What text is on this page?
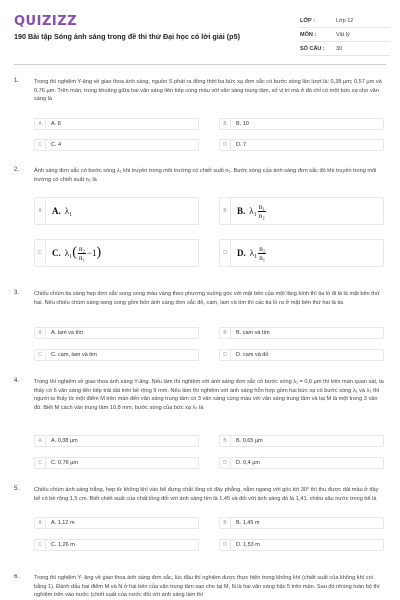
QUIZIZZ
190 Bài tập Sóng ánh sáng trong đề thi thử Đại học có lời giải (p5)
LỚP :	Lớp 12
MÔN :	Vật lý
SỐ CÂU :	30
1.	Trong thí nghiệm Y-âng về giao thoa ánh sáng, nguồn S phát ra đồng thời ba bức xạ đơn sắc có bước sóng lần lượt là: 0,38 µm; 0,57 µm và 0,76 µm. Trên màn, trong khoảng giữa hai vân sáng liên tiếp cùng màu với vân sáng trung tâm, số vị trí mà ở đó chỉ có một bức xạ cho vân sáng là
A	A. 8	B	B. 10
C	C. 4	D	D. 7
2.	Ánh sáng đơn sắc có bước sóng λ₁ khi truyền trong môi trường có chiết suất n₁. Bước sóng của ánh sáng đơn sắc đó khi truyền trong môi trường có chiết suất n₂ là
A	A. λ₁	B	B. $\lambda_1 \frac{\text{n₁}}{\text{n₂}}$
C	C. λ₁ ( $\frac{\text{n₂}}{\text{n₁}} -1$ )	D	D. $\lambda_1 \frac{\text{n₂}}{\text{n₁}}$
3.	Chiếu chùm tia sáng hẹp đơn sắc song song màu vàng theo phương vuông góc với mặt bên của một lăng kính thì tia ló đi là là mặt bên thứ hai. Nếu chiếu chùm sáng song song gồm bốn ánh sáng đơn sắc đỏ, cam, lam và tím thì các tia ló ra ở mặt bên thứ hai là tia
A	A. lam và tím	B	B. cam và tím
C	C. cam, lam và tím	D	D. cam và đỏ
4.	Trong thí nghiệm về giao thoa ánh sáng Y-âng. Nếu làm thí nghiệm với ánh sáng đơn sắc có bước sóng λ₁ = 0,6 µm thì trên màn quan sát, ta thấy có 6 vân sáng liên tiếp trải dài trên bề rộng 9 mm. Nếu làm thí nghiệm với ánh sáng hỗn hợp gồm hai bức xạ có bước sóng λ₁ và λ₂ thì người ta thấy từ một điểm M trên màn đến vân sáng trung tâm có 3 vân sáng cùng màu với vân sáng trung tâm và tại M là một trong 3 vân đó. Biết M cách vân trung tâm 10,8 mm, bước sóng của bức xạ λ₂ là
A	A. 0,38 µm	B	B. 0,65 µm
C	C. 0,76 µm	D	D. 0,4 µm
5.	Chiếu chùm ánh sáng trắng, hẹp từ không khí vào bể đựng chất lỏng có đáy phẳng, nằm ngang với góc tới 30° thì thu được dải màu ở đáy bể có bề rộng 1,5 cm. Biết chiết suất của chất lỏng đối với ánh sáng tím là 1,45 và đối với ánh sáng đỏ là 1,41, chiều sâu nước trong bể là
A	A. 1,12 m	B	B. 1,45 m
C	C. 1,26 m	D	D. 1,53 m
6.	Trong thí nghiệm Y- âng về giao thoa ánh sáng đơn sắc, lúc đầu thí nghiệm được thực hiện trong không khí (chiết suất của không khí coi bằng 1). Đánh dấu hai điểm M và N ở hai bên của vân trung tâm sao cho tại M, N là hai vân sáng bậc 5 trên màn. Sau đó nhúng toàn bộ thí nghiệm trên vào nước (chiết suất của nước đối với ánh sáng làm thí
